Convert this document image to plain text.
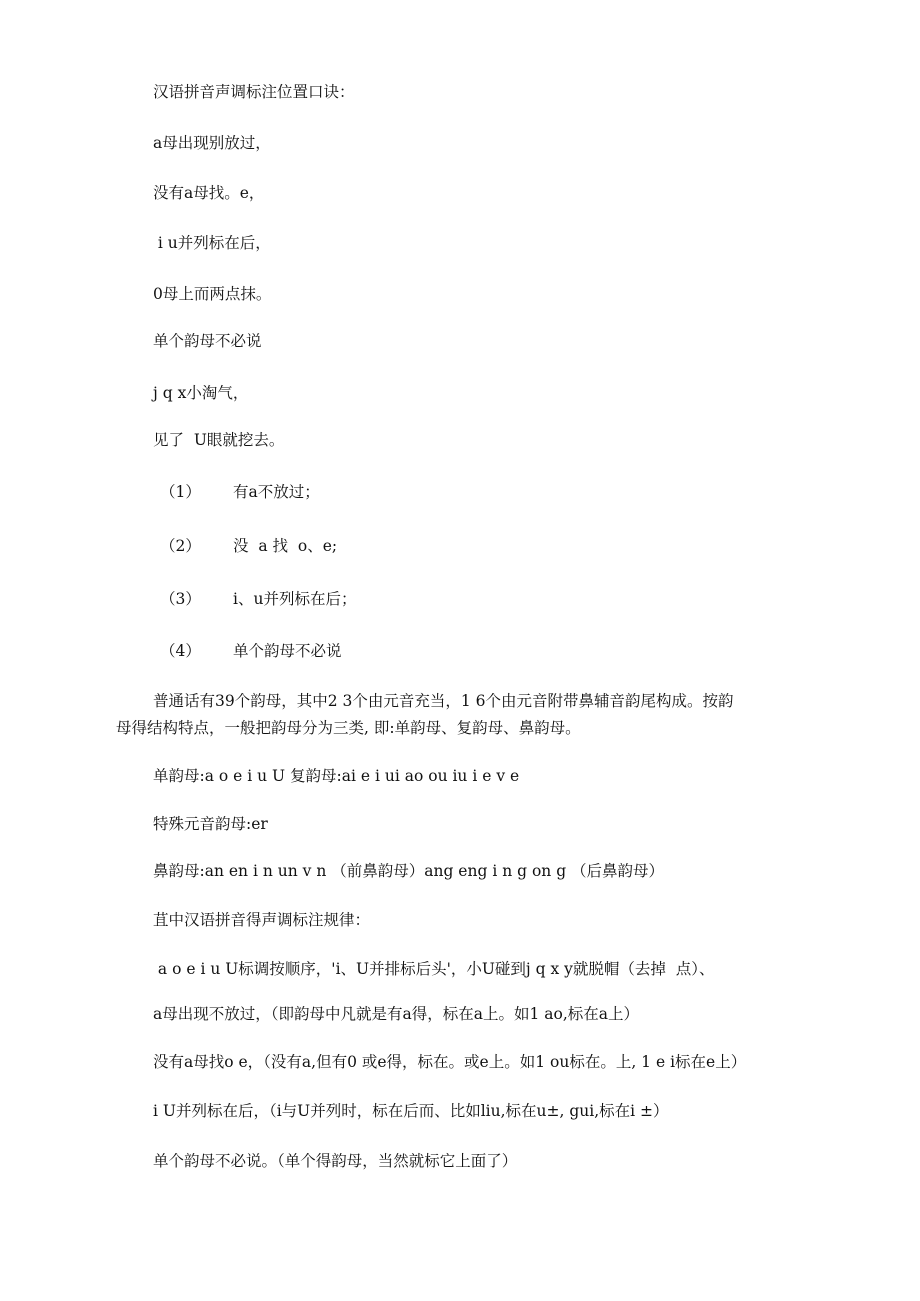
汉语拼音声调标注位置口诀：
a母出现别放过，
没有a母找。e，
i u并列标在后，
0母上而两点抹。
单个韵母不必说
j q x小淘气，
见了  U眼就挖去。
（1） 有a不放过；
（2） 没  a 找  o、e;
（3） i、u并列标在后；
（4） 单个韵母不必说
普通话有39个韵母，其中2 3个由元音充当，1 6个由元音附带鼻辅音韵尾构成。按韵
母得结构特点，一般把韵母分为三类, 即:单韵母、复韵母、鼻韵母。
单韵母:a o e i u U 复韵母:ai e i ui ao ou iu i e v e
特殊元音韵母:er
鼻韵母:an en i n un v n （前鼻韵母）ang eng i n g on g （后鼻韵母）
苴中汉语拼音得声调标注规律：
a o e i u U标调按顺序，'i、U并排标后头'，小U碰到j q x y就脱帽（去掉  点）、
a母出现不放过，（即韵母中凡就是有a得，标在a上。如1 ao,标在a上）
没有a母找o e，（没有a,但有0 或e得，标在。或e上。如1 ou标在。上, 1 e i标在e上）
i U并列标在后，（i与U并列时，标在后而、比如liu,标在u±, gui,标在i ±）
单个韵母不必说。（单个得韵母，当然就标它上面了）
